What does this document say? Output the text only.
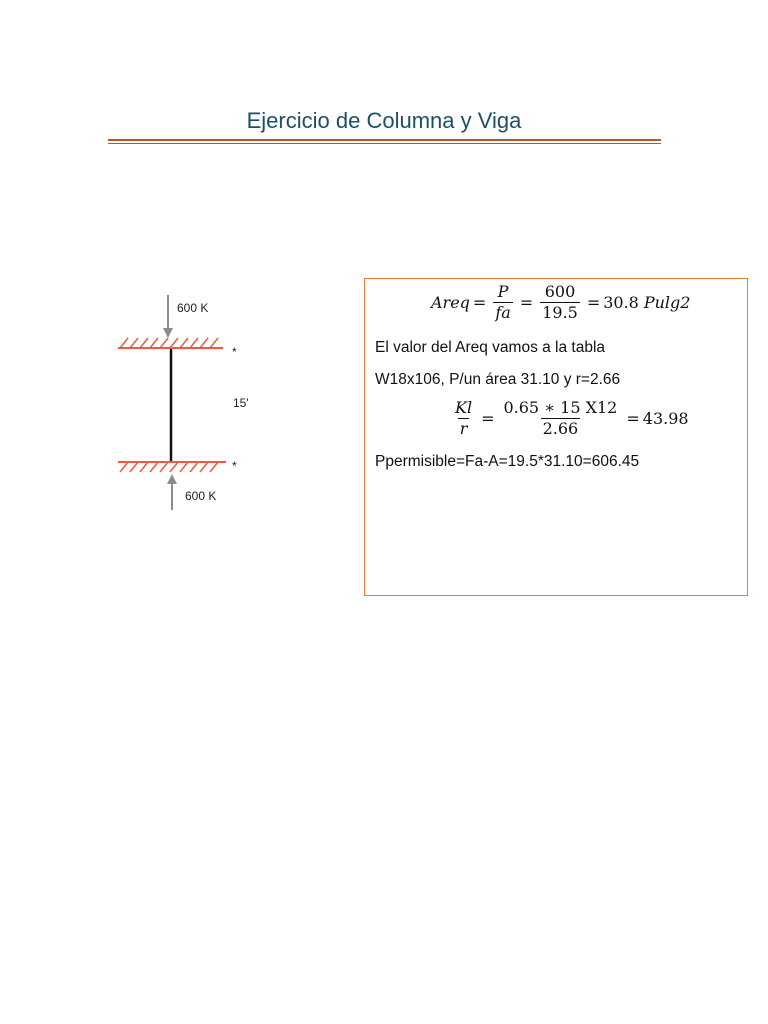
Ejercicio de Columna y Viga
600 K
*
15'
*
600 K
Areq = $\frac{P}{fa} = \frac{600}{19.5} = 30.8$ Pulg2
El valor del Areq vamos a la tabla
W18x106, P/un área 31.10 y r=2.66
$\frac{Kl}{r} = \frac{0.65 ∗ 15 X12}{2.66} = 43.98$
Ppermisible=Fa-A=19.5*31.10=606.45
